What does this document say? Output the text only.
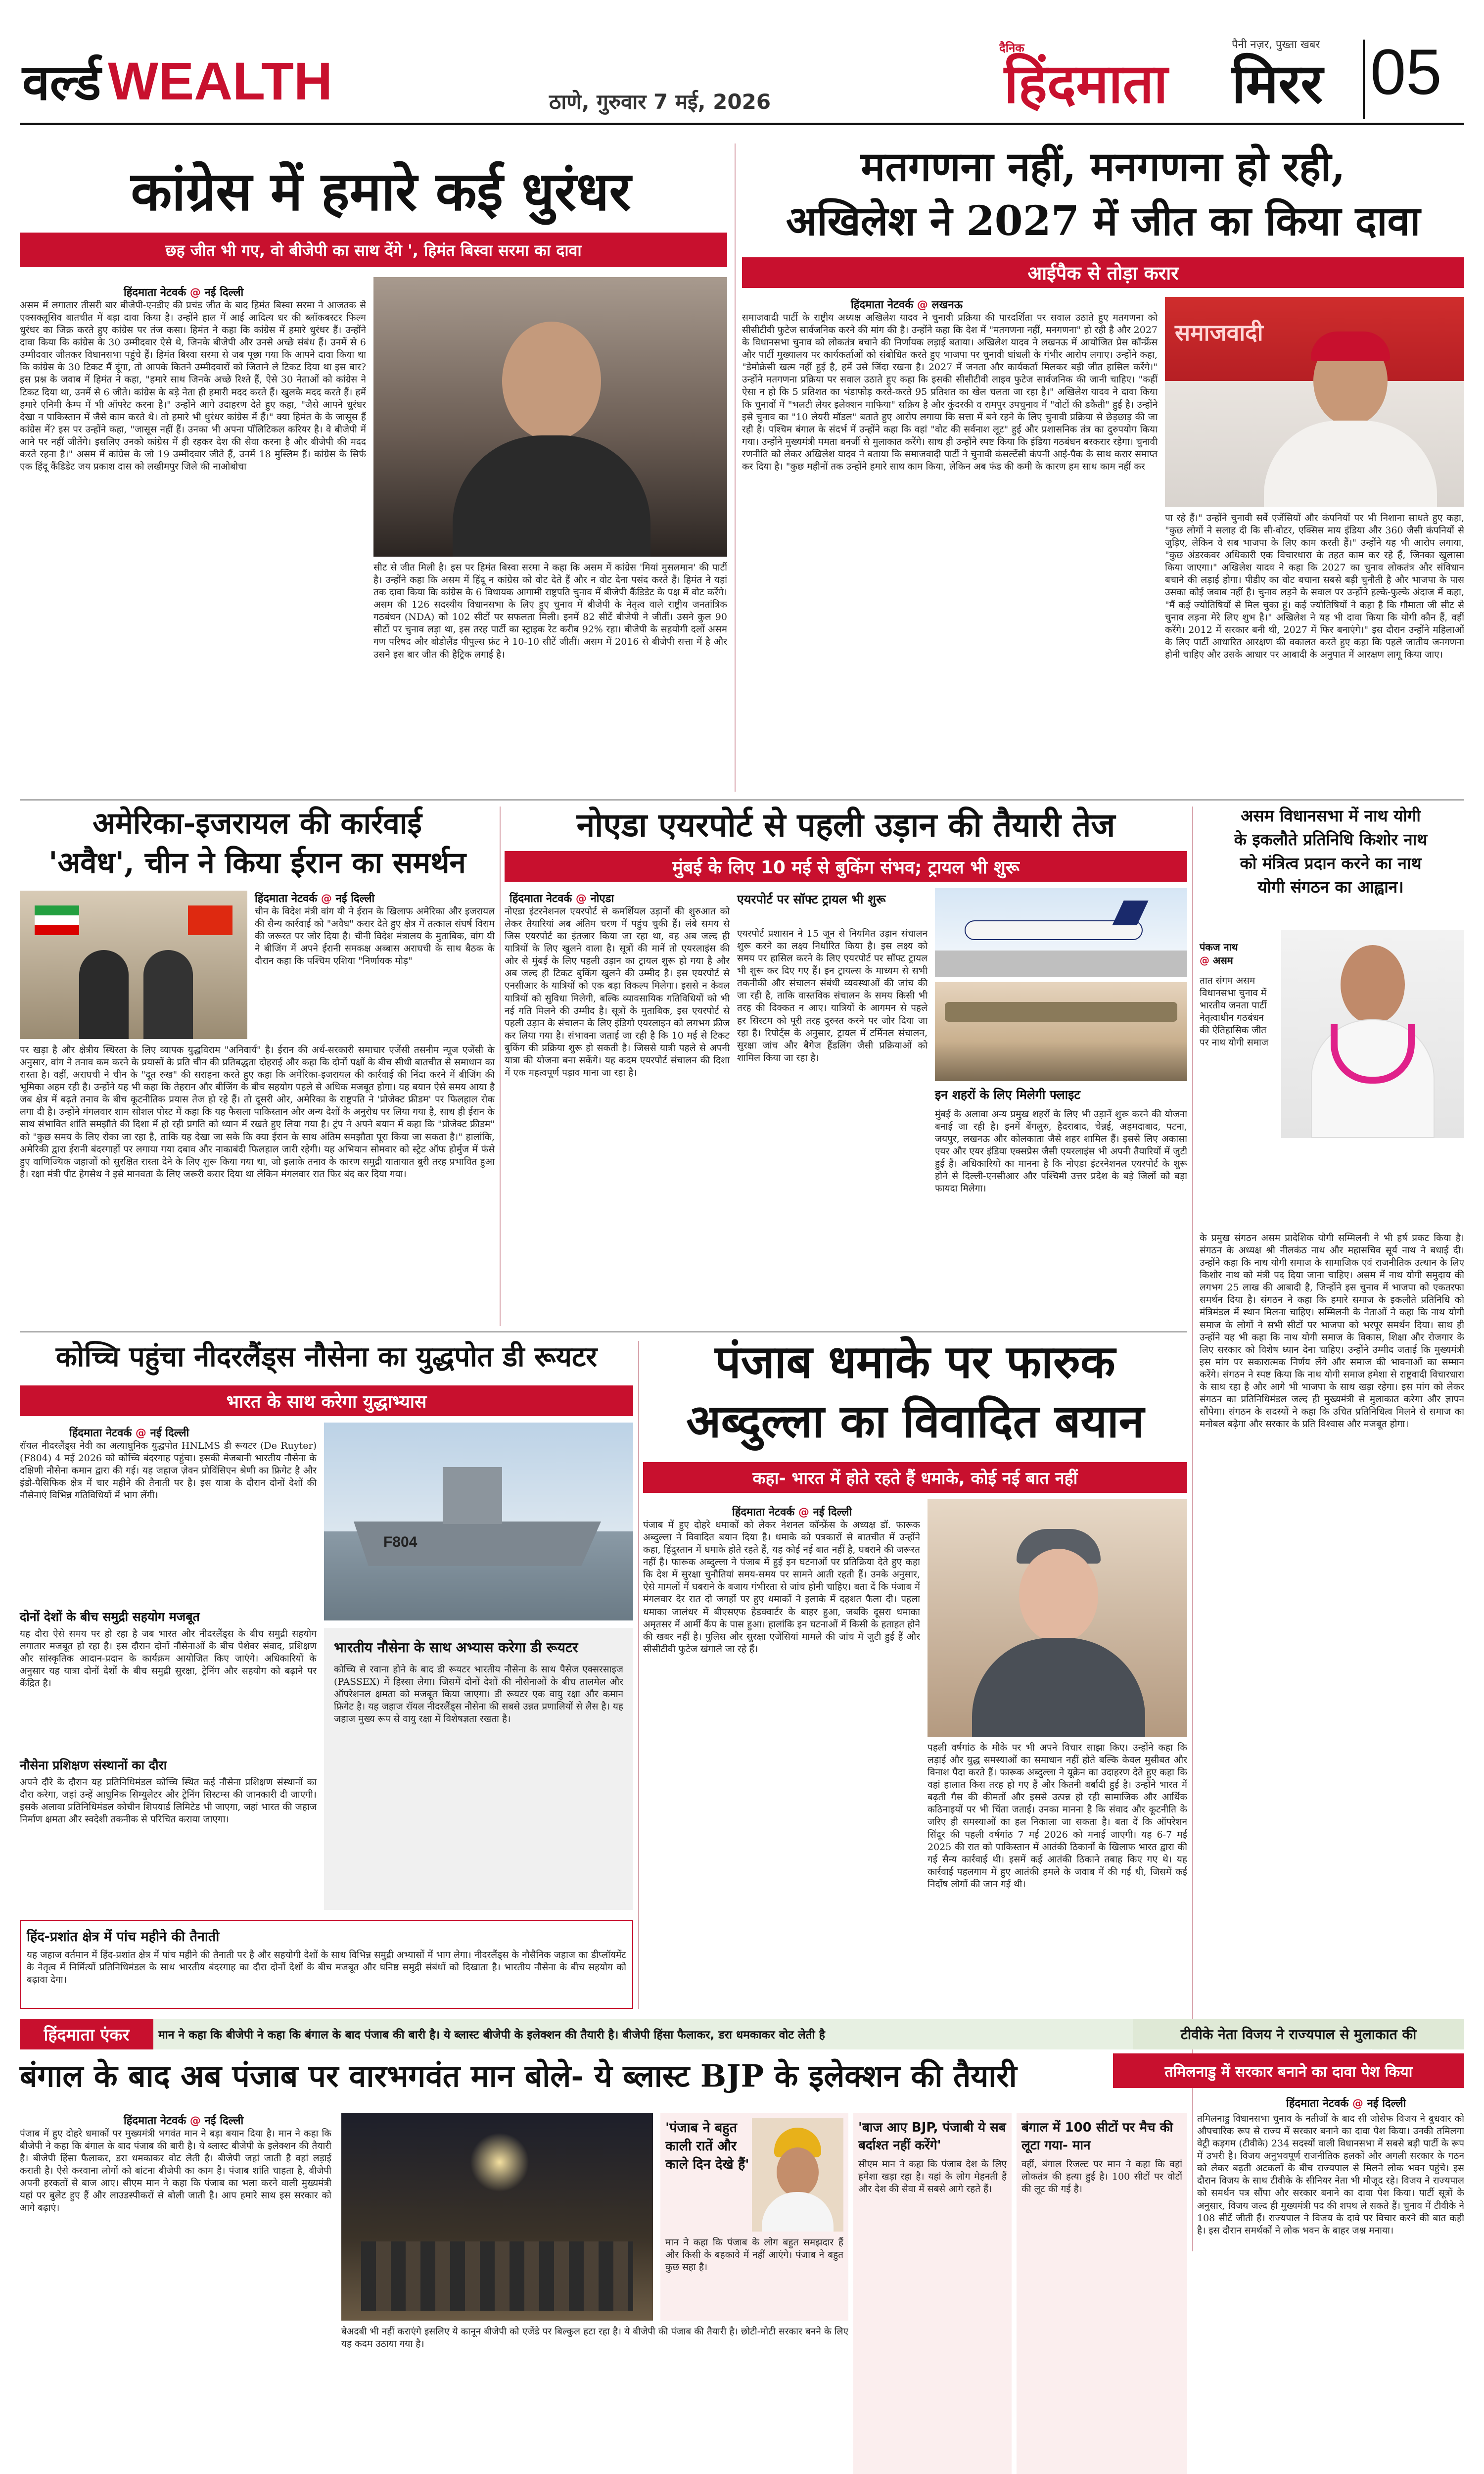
वर्ल्ड WEALTH	ठाणे, गुरुवार 7 मई, 2026
दैनिक
हिंदमाता मिरर
पैनी नज़र, पुख्ता खबर 05
कांग्रेस में हमारे कई धुरंधर
छह जीत भी गए, वो बीजेपी का साथ देंगे ', हिमंत बिस्वा सरमा का दावा
हिंदमाता नेटवर्क @ नई दिल्ली
असम में लगातार तीसरी बार बीजेपी-एनडीए की प्रचंड जीत के बाद हिमंत बिस्वा सरमा ने आजतक से एक्सक्लूसिव बातचीत में बड़ा दावा किया है। उन्होंने हाल में आई आदित्य धर की ब्लॉकबस्टर फिल्म धुरंधर का जिक्र करते हुए कांग्रेस पर तंज कसा। हिमंत ने कहा कि कांग्रेस में हमारे धुरंधर हैं। उन्होंने दावा किया कि कांग्रेस के 30 उम्मीदवार ऐसे थे, जिनके बीजेपी और उनसे अच्छे संबंध हैं। उनमें से 6 उम्मीदवार जीतकर विधानसभा पहुंचे हैं। हिमंत बिस्वा सरमा से जब पूछा गया कि आपने दावा किया था कि कांग्रेस के 30 टिकट मैं दूंगा, तो आपके कितने उम्मीदवारों को जिताने ले टिकट दिया था इस बार? इस प्रश्न के जवाब में हिमंत ने कहा, "हमारे साथ जिनके अच्छे रिश्ते हैं, ऐसे 30 नेताओं को कांग्रेस ने टिकट दिया था, उनमें से 6 जीते। कांग्रेस के बड़े नेता ही हमारी मदद करते हैं। खुलके मदद करते हैं। हमें हमारे एनिमी कैम्प में भी ऑपरेट करना है।" उन्होंने आगे उदाहरण देते हुए कहा, "जैसे आपने धुरंधर देखा न पाकिस्तान में जैसे काम करते थे। तो हमारे भी धुरंधर कांग्रेस में हैं।" क्या हिमंत के के जासूस हैं कांग्रेस में? इस पर उन्होंने कहा, "जासूस नहीं हैं। उनका भी अपना पॉलिटिकल करियर है। वे बीजेपी में आने पर नहीं जीतेंगे। इसलिए उनको कांग्रेस में ही रहकर देश की सेवा करना है और बीजेपी की मदद करते रहना है।" असम में कांग्रेस के जो 19 उम्मीदवार जीते हैं, उनमें 18 मुस्लिम हैं। कांग्रेस के सिर्फ एक हिंदू कैंडिडेट जय प्रकाश दास को लखीमपुर जिले की नाओबोचा
सीट से जीत मिली है। इस पर हिमंत बिस्वा सरमा ने कहा कि असम में कांग्रेस 'मियां मुसलमान' की पार्टी है। उन्होंने कहा कि असम में हिंदू न कांग्रेस को वोट देते हैं और न वोट देना पसंद करते हैं। हिमंत ने यहां तक दावा किया कि कांग्रेस के 6 विधायक आगामी राष्ट्रपति चुनाव में बीजेपी कैंडिडेट के पक्ष में वोट करेंगे। असम की 126 सदस्यीय विधानसभा के लिए हुए चुनाव में बीजेपी के नेतृत्व वाले राष्ट्रीय जनतांत्रिक गठबंधन (NDA) को 102 सीटों पर सफलता मिली। इनमें 82 सीटें बीजेपी ने जीतीं। उसने कुल 90 सीटों पर चुनाव लड़ा था, इस तरह पार्टी का स्ट्राइक रेट करीब 92% रहा। बीजेपी के सहयोगी दलों असम गण परिषद और बोडोलैंड पीपुल्स फ्रंट ने 10-10 सीटें जीतीं। असम में 2016 से बीजेपी सत्ता में है और उसने इस बार जीत की हैट्रिक लगाई है।
मतगणना नहीं, मनगणना हो रही,
अखिलेश ने 2027 में जीत का किया दावा
आईपैक से तोड़ा करार
हिंदमाता नेटवर्क @ लखनऊ
समाजवादी पार्टी के राष्ट्रीय अध्यक्ष अखिलेश यादव ने चुनावी प्रक्रिया की पारदर्शिता पर सवाल उठाते हुए मतगणना को सीसीटीवी फुटेज सार्वजनिक करने की मांग की है। उन्होंने कहा कि देश में "मतगणना नहीं, मनगणना" हो रही है और 2027 के विधानसभा चुनाव को लोकतंत्र बचाने की निर्णायक लड़ाई बताया। अखिलेश यादव ने लखनऊ में आयोजित प्रेस कॉन्फ्रेंस और पार्टी मुख्यालय पर कार्यकर्ताओं को संबोधित करते हुए भाजपा पर चुनावी धांधली के गंभीर आरोप लगाए। उन्होंने कहा, "डेमोक्रेसी खत्म नहीं हुई है, हमें उसे जिंदा रखना है। 2027 में जनता और कार्यकर्ता मिलकर बड़ी जीत हासिल करेंगे।" उन्होंने मतगणना प्रक्रिया पर सवाल उठाते हुए कहा कि इसकी सीसीटीवी लाइव फुटेज सार्वजनिक की जानी चाहिए। "कहीं ऐसा न हो कि 5 प्रतिशत का भंडाफोड़ करते-करते 95 प्रतिशत का खेल चलता जा रहा है।" अखिलेश यादव ने दावा किया कि चुनावों में "भलटी लेयर इलेक्शन माफिया" सक्रिय है और कुंदरकी व रामपुर उपचुनाव में "वोटों की डकैती" हुई है। उन्होंने इसे चुनाव का "10 लेयरी मॉडल" बताते हुए आरोप लगाया कि सत्ता में बने रहने के लिए चुनावी प्रक्रिया से छेड़छाड़ की जा रही है। पश्चिम बंगाल के संदर्भ में उन्होंने कहा कि वहां "वोट की सर्वनाश लूट" हुई और प्रशासनिक तंत्र का दुरुपयोग किया गया। उन्होंने मुख्यमंत्री ममता बनर्जी से मुलाकात करेंगे। साथ ही उन्होंने स्पष्ट किया कि इंडिया गठबंधन बरकरार रहेगा। चुनावी रणनीति को लेकर अखिलेश यादव ने बताया कि समाजवादी पार्टी ने चुनावी कंसल्टेंसी कंपनी आई-पैक के साथ करार समाप्त कर दिया है। "कुछ महीनों तक उन्होंने हमारे साथ काम किया, लेकिन अब फंड की कमी के कारण हम साथ काम नहीं कर
समाजवादी
पा रहे हैं।" उन्होंने चुनावी सर्वे एजेंसियों और कंपनियों पर भी निशाना साधते हुए कहा, "कुछ लोगों ने सलाह दी कि सी-वोटर, एक्सिस माय इंडिया और 360 जैसी कंपनियों से जुड़िए, लेकिन वे सब भाजपा के लिए काम करती हैं।" उन्होंने यह भी आरोप लगाया, "कुछ अंडरकवर अधिकारी एक विचारधारा के तहत काम कर रहे हैं, जिनका खुलासा किया जाएगा।" अखिलेश यादव ने कहा कि 2027 का चुनाव लोकतंत्र और संविधान बचाने की लड़ाई होगा। पीडीए का वोट बचाना सबसे बड़ी चुनौती है और भाजपा के पास उसका कोई जवाब नहीं है। चुनाव लड़ने के सवाल पर उन्होंने हल्के-फुल्के अंदाज में कहा, "मैं कई ज्योतिषियों से मिल चुका हूं। कई ज्योतिषियों ने कहा है कि गौमाता जी सीट से चुनाव लड़ना मेरे लिए शुभ है।" अखिलेश ने यह भी दावा किया कि योगी कौन हैं, वहीं करेंगे। 2012 में सरकार बनी थी, 2027 में फिर बनाएंगे।" इस दौरान उन्होंने महिलाओं के लिए पार्टी आधारित आरक्षण की वकालत करते हुए कहा कि पहले जातीय जनगणना होनी चाहिए और उसके आधार पर आबादी के अनुपात में आरक्षण लागू किया जाए।
अमेरिका-इजरायल की कार्रवाई
'अवैध', चीन ने किया ईरान का समर्थन
हिंदमाता नेटवर्क @ नई दिल्ली
चीन के विदेश मंत्री वांग यी ने ईरान के खिलाफ अमेरिका और इजरायल की सैन्य कार्रवाई को "अवैध" करार देते हुए क्षेत्र में तत्काल संघर्ष विराम की जरूरत पर जोर दिया है। चीनी विदेश मंत्रालय के मुताबिक, वांग यी ने बीजिंग में अपने ईरानी समकक्ष अब्बास अराघची के साथ बैठक के दौरान कहा कि पश्चिम एशिया "निर्णायक मोड़"
पर खड़ा है और क्षेत्रीय स्थिरता के लिए व्यापक युद्धविराम "अनिवार्य" है। ईरान की अर्ध-सरकारी समाचार एजेंसी तसनीम न्यूज एजेंसी के अनुसार, वांग ने तनाव कम करने के प्रयासों के प्रति चीन की प्रतिबद्धता दोहराई और कहा कि दोनों पक्षों के बीच सीधी बातचीत से समाधान का रास्ता है। वहीं, अराघची ने चीन के "दूत रुख" की सराहना करते हुए कहा कि अमेरिका-इजरायल की कार्रवाई की निंदा करने में बीजिंग की भूमिका अहम रही है। उन्होंने यह भी कहा कि तेहरान और बीजिंग के बीच सहयोग पहले से अधिक मजबूत होगा। यह बयान ऐसे समय आया है जब क्षेत्र में बढ़ते तनाव के बीच कूटनीतिक प्रयास तेज हो रहे हैं। तो दूसरी ओर, अमेरिका के राष्ट्रपति ने 'प्रोजेक्ट फ्रीडम' पर फिलहाल रोक लगा दी है। उन्होंने मंगलवार शाम सोशल पोस्ट में कहा कि यह फैसला पाकिस्तान और अन्य देशों के अनुरोध पर लिया गया है, साथ ही ईरान के साथ संभावित शांति समझौते की दिशा में हो रही प्रगति को ध्यान में रखते हुए लिया गया है। ट्रंप ने अपने बयान में कहा कि "प्रोजेक्ट फ्रीडम" को "कुछ समय के लिए रोका जा रहा है, ताकि यह देखा जा सके कि क्या ईरान के साथ अंतिम समझौता पूरा किया जा सकता है।" हालांकि, अमेरिकी द्वारा ईरानी बंदरगाहों पर लगाया गया दबाव और नाकाबंदी फिलहाल जारी रहेगी। यह अभियान सोमवार को स्ट्रेट ऑफ होर्मुज में फंसे हुए वाणिज्यिक जहाजों को सुरक्षित रास्ता देने के लिए शुरू किया गया था, जो इलाके तनाव के कारण समुद्री यातायात बुरी तरह प्रभावित हुआ है। रक्षा मंत्री पीट हेगसेथ ने इसे मानवता के लिए जरूरी करार दिया था लेकिन मंगलवार रात फिर बंद कर दिया गया।
नोएडा एयरपोर्ट से पहली उड़ान की तैयारी तेज
मुंबई के लिए 10 मई से बुकिंग संभव; ट्रायल भी शुरू
हिंदमाता नेटवर्क @ नोएडा
नोएडा इंटरनेशनल एयरपोर्ट से कमर्शियल उड़ानों की शुरुआत को लेकर तैयारियां अब अंतिम चरण में पहुंच चुकी हैं। लंबे समय से जिस एयरपोर्ट का इंतजार किया जा रहा था, वह अब जल्द ही यात्रियों के लिए खुलने वाला है। सूत्रों की मानें तो एयरलाइंस की ओर से मुंबई के लिए पहली उड़ान का ट्रायल शुरू हो गया है और अब जल्द ही टिकट बुकिंग खुलने की उम्मीद है। इस एयरपोर्ट से एनसीआर के यात्रियों को एक बड़ा विकल्प मिलेगा। इससे न केवल यात्रियों को सुविधा मिलेगी, बल्कि व्यावसायिक गतिविधियों को भी नई गति मिलने की उम्मीद है। सूत्रों के मुताबिक, इस एयरपोर्ट से पहली उड़ान के संचालन के लिए इंडिगो एयरलाइन को लगभग फ्रीज कर लिया गया है। संभावना जताई जा रही है कि 10 मई से टिकट बुकिंग की प्रक्रिया शुरू हो सकती है। जिससे यात्री पहले से अपनी यात्रा की योजना बना सकेंगे। यह कदम एयरपोर्ट संचालन की दिशा में एक महत्वपूर्ण पड़ाव माना जा रहा है।
एयरपोर्ट पर सॉफ्ट ट्रायल भी शुरू
एयरपोर्ट प्रशासन ने 15 जून से नियमित उड़ान संचालन शुरू करने का लक्ष्य निर्धारित किया है। इस लक्ष्य को समय पर हासिल करने के लिए एयरपोर्ट पर सॉफ्ट ट्रायल भी शुरू कर दिए गए हैं। इन ट्रायल्स के माध्यम से सभी तकनीकी और संचालन संबंधी व्यवस्थाओं की जांच की जा रही है, ताकि वास्तविक संचालन के समय किसी भी तरह की दिक्कत न आए। यात्रियों के आगमन से पहले हर सिस्टम को पूरी तरह दुरुस्त करने पर जोर दिया जा रहा है। रिपोर्ट्स के अनुसार, ट्रायल में टर्मिनल संचालन, सुरक्षा जांच और बैगेज हैंडलिंग जैसी प्रक्रियाओं को शामिल किया जा रहा है।
इन शहरों के लिए मिलेगी फ्लाइट
मुंबई के अलावा अन्य प्रमुख शहरों के लिए भी उड़ानें शुरू करने की योजना बनाई जा रही है। इनमें बेंगलुरु, हैदराबाद, चेन्नई, अहमदाबाद, पटना, जयपुर, लखनऊ और कोलकाता जैसे शहर शामिल हैं। इससे लिए अकासा एयर और एयर इंडिया एक्सप्रेस जैसी एयरलाइंस भी अपनी तैयारियों में जुटी हुई हैं। अधिकारियों का मानना है कि नोएडा इंटरनेशनल एयरपोर्ट के शुरू होने से दिल्ली-एनसीआर और पश्चिमी उत्तर प्रदेश के बड़े जिलों को बड़ा फायदा मिलेगा।
असम विधानसभा में नाथ योगी
के इकलौते प्रतिनिधि किशोर नाथ
को मंत्रित्व प्रदान करने का नाथ
योगी संगठन का आह्वान।
पंकज नाथ
@ असम
तात संगम असम विधानसभा चुनाव में भारतीय जनता पार्टी नेतृत्वाधीन गठबंधन की ऐतिहासिक जीत पर नाथ योगी समाज
के प्रमुख संगठन असम प्रादेशिक योगी सम्मिलनी ने भी हर्ष प्रकट किया है। संगठन के अध्यक्ष श्री नीलकंठ नाथ और महासचिव सूर्य नाथ ने बधाई दी। उन्होंने कहा कि नाथ योगी समाज के सामाजिक एवं राजनीतिक उत्थान के लिए किशोर नाथ को मंत्री पद दिया जाना चाहिए। असम में नाथ योगी समुदाय की लगभग 25 लाख की आबादी है, जिन्होंने इस चुनाव में भाजपा को एकतरफा समर्थन दिया है। संगठन ने कहा कि हमारे समाज के इकलौते प्रतिनिधि को मंत्रिमंडल में स्थान मिलना चाहिए। सम्मिलनी के नेताओं ने कहा कि नाथ योगी समाज के लोगों ने सभी सीटों पर भाजपा को भरपूर समर्थन दिया। साथ ही उन्होंने यह भी कहा कि नाथ योगी समाज के विकास, शिक्षा और रोजगार के लिए सरकार को विशेष ध्यान देना चाहिए। उन्होंने उम्मीद जताई कि मुख्यमंत्री इस मांग पर सकारात्मक निर्णय लेंगे और समाज की भावनाओं का सम्मान करेंगे। संगठन ने स्पष्ट किया कि नाथ योगी समाज हमेशा से राष्ट्रवादी विचारधारा के साथ रहा है और आगे भी भाजपा के साथ खड़ा रहेगा। इस मांग को लेकर संगठन का प्रतिनिधिमंडल जल्द ही मुख्यमंत्री से मुलाकात करेगा और ज्ञापन सौंपेगा। संगठन के सदस्यों ने कहा कि उचित प्रतिनिधित्व मिलने से समाज का मनोबल बढ़ेगा और सरकार के प्रति विश्वास और मजबूत होगा।
कोच्चि पहुंचा नीदरलैंड्स नौसेना का युद्धपोत डी रूयटर
भारत के साथ करेगा युद्धाभ्यास
हिंदमाता नेटवर्क @ नई दिल्ली
रॉयल नीदरलैंड्स नेवी का अत्याधुनिक युद्धपोत HNLMS डी रूयटर (De Ruyter) (F804) 4 मई 2026 को कोच्चि बंदरगाह पहुंचा। इसकी मेजबानी भारतीय नौसेना के दक्षिणी नौसेना कमान द्वारा की गई। यह जहाज ज़ेवन प्रोविंसिएन श्रेणी का फ्रिगेट है और इंडो-पैसिफिक क्षेत्र में चार महीने की तैनाती पर है। इस यात्रा के दौरान दोनों देशों की नौसेनाएं विभिन्न गतिविधियों में भाग लेंगी।
F804
दोनों देशों के बीच समुद्री सहयोग मजबूत
यह दौरा ऐसे समय पर हो रहा है जब भारत और नीदरलैंड्स के बीच समुद्री सहयोग लगातार मजबूत हो रहा है। इस दौरान दोनों नौसेनाओं के बीच पेशेवर संवाद, प्रशिक्षण और सांस्कृतिक आदान-प्रदान के कार्यक्रम आयोजित किए जाएंगे। अधिकारियों के अनुसार यह यात्रा दोनों देशों के बीच समुद्री सुरक्षा, ट्रेनिंग और सहयोग को बढ़ाने पर केंद्रित है।
नौसेना प्रशिक्षण संस्थानों का दौरा
अपने दौरे के दौरान यह प्रतिनिधिमंडल कोच्चि स्थित कई नौसेना प्रशिक्षण संस्थानों का दौरा करेगा, जहां उन्हें आधुनिक सिम्युलेटर और ट्रेनिंग सिस्टम्स की जानकारी दी जाएगी। इसके अलावा प्रतिनिधिमंडल कोचीन शिपयार्ड लिमिटेड भी जाएगा, जहां भारत की जहाज निर्माण क्षमता और स्वदेशी तकनीक से परिचित कराया जाएगा।
भारतीय नौसेना के साथ अभ्यास करेगा डी रूयटर
कोच्चि से रवाना होने के बाद डी रूयटर भारतीय नौसेना के साथ पैसेज एक्सरसाइज (PASSEX) में हिस्सा लेगा। जिसमें दोनों देशों की नौसेनाओं के बीच तालमेल और ऑपरेशनल क्षमता को मजबूत किया जाएगा। डी रूयटर एक वायु रक्षा और कमान फ्रिगेट है। यह जहाज रॉयल नीदरलैंड्स नौसेना की सबसे उन्नत प्रणालियों से लैस है। यह जहाज मुख्य रूप से वायु रक्षा में विशेषज्ञता रखता है।
हिंद-प्रशांत क्षेत्र में पांच महीने की तैनाती
यह जहाज वर्तमान में हिंद-प्रशांत क्षेत्र में पांच महीने की तैनाती पर है और सहयोगी देशों के साथ विभिन्न समुद्री अभ्यासों में भाग लेगा। नीदरलैंड्स के नौसैनिक जहाज का डीप्लॉयमेंट के नेतृत्व में निर्मित्यों प्रतिनिधिमंडल के साथ भारतीय बंदरगाह का दौरा दोनों देशों के बीच मजबूत और घनिष्ठ समुद्री संबंधों को दिखाता है। भारतीय नौसेना के बीच सहयोग को बढ़ावा देगा।
पंजाब धमाके पर फारुक
अब्दुल्ला का विवादित बयान
कहा- भारत में होते रहते हैं धमाके, कोई नई बात नहीं
हिंदमाता नेटवर्क @ नई दिल्ली
पंजाब में हुए दोहरे धमाकों को लेकर नेशनल कॉन्फ्रेंस के अध्यक्ष डॉ. फारूक अब्दुल्ला ने विवादित बयान दिया है। धमाके को पत्रकारों से बातचीत में उन्होंने कहा, हिंदुस्तान में धमाके होते रहते हैं, यह कोई नई बात नहीं है, घबराने की जरूरत नहीं है। फारूक अब्दुल्ला ने पंजाब में हुई इन घटनाओं पर प्रतिक्रिया देते हुए कहा कि देश में सुरक्षा चुनौतियां समय-समय पर सामने आती रहती हैं। उनके अनुसार, ऐसे मामलों में घबराने के बजाय गंभीरता से जांच होनी चाहिए। बता दें कि पंजाब में मंगलवार देर रात दो जगहों पर हुए धमाकों ने इलाके में दहशत फैला दी। पहला धमाका जालंधर में बीएसएफ हेडक्वार्टर के बाहर हुआ, जबकि दूसरा धमाका अमृतसर में आर्मी कैंप के पास हुआ। हालांकि इन घटनाओं में किसी के हताहत होने की खबर नहीं है। पुलिस और सुरक्षा एजेंसियां मामले की जांच में जुटी हुई हैं और सीसीटीवी फुटेज खंगाले जा रहे हैं।
पहली वर्षगांठ के मौके पर भी अपने विचार साझा किए। उन्होंने कहा कि लड़ाई और युद्ध समस्याओं का समाधान नहीं होते बल्कि केवल मुसीबत और विनाश पैदा करते हैं। फारूक अब्दुल्ला ने यूक्रेन का उदाहरण देते हुए कहा कि वहां हालात किस तरह हो गए हैं और कितनी बर्बादी हुई है। उन्होंने भारत में बढ़ती गैस की कीमतों और इससे उत्पन्न हो रही सामाजिक और आर्थिक कठिनाइयों पर भी चिंता जताई। उनका मानना है कि संवाद और कूटनीति के जरिए ही समस्याओं का हल निकाला जा सकता है। बता दें कि ऑपरेशन सिंदूर की पहली वर्षगांठ 7 मई 2026 को मनाई जाएगी। यह 6-7 मई 2025 की रात को पाकिस्तान में आतंकी ठिकानों के खिलाफ भारत द्वारा की गई सैन्य कार्रवाई थी। इसमें कई आतंकी ठिकाने तबाह किए गए थे। यह कार्रवाई पहलगाम में हुए आतंकी हमले के जवाब में की गई थी, जिसमें कई निर्दोष लोगों की जान गई थी।
हिंदमाता एंकर	मान ने कहा कि बीजेपी ने कहा कि बंगाल के बाद पंजाब की बारी है। ये ब्लास्ट बीजेपी के इलेक्शन की तैयारी है। बीजेपी हिंसा फैलाकर, डरा धमकाकर वोट लेती है	टीवीके नेता विजय ने राज्यपाल से मुलाकात की
बंगाल के बाद अब पंजाब पर वारभगवंत मान बोले- ये ब्लास्ट BJP के इलेक्शन की तैयारी
हिंदमाता नेटवर्क @ नई दिल्ली
पंजाब में हुए दोहरे धमाकों पर मुख्यमंत्री भगवंत मान ने बड़ा बयान दिया है। मान ने कहा कि बीजेपी ने कहा कि बंगाल के बाद पंजाब की बारी है। ये ब्लास्ट बीजेपी के इलेक्शन की तैयारी है। बीजेपी हिंसा फैलाकर, डरा धमकाकर वोट लेती है। बीजेपी जहां जाती है वहां लड़ाई कराती है। ऐसे करवाना लोगों को बांटना बीजेपी का काम है। पंजाब शांति चाहता है, बीजेपी अपनी हरकतों से बाज आए। सीएम मान ने कहा कि पंजाब का भला करने वाली मुख्यमंत्री यहां पर बुलेट हुए हैं और लाउडस्पीकरों से बोली जाती है। आप हमारे साथ इस सरकार को आगे बढ़ाएं।
'पंजाब ने बहुत काली रातें और काले दिन देखे हैं'
मान ने कहा कि पंजाब के लोग बहुत समझदार हैं और किसी के बहकावे में नहीं आएंगे। पंजाब ने बहुत कुछ सहा है।
'बाज आए BJP, पंजाबी ये सब बर्दाश्त नहीं करेंगे'
सीएम मान ने कहा कि पंजाब देश के लिए हमेशा खड़ा रहा है। यहां के लोग मेहनती हैं और देश की सेवा में सबसे आगे रहते हैं।
बंगाल में 100 सीटों पर मैच की लूटा गया- मान
वहीं, बंगाल रिजल्ट पर मान ने कहा कि वहां लोकतंत्र की हत्या हुई है। 100 सीटों पर वोटों की लूट की गई है।
बेअदबी भी नहीं कराएंगे इसलिए ये कानून बीजेपी को एजेंडे पर बिल्कुल हटा रहा है। ये बीजेपी की पंजाब की तैयारी है। छोटी-मोटी सरकार बनने के लिए यह कदम उठाया गया है।
तमिलनाडु में सरकार बनाने का दावा पेश किया
हिंदमाता नेटवर्क @ नई दिल्ली
तमिलनाडु विधानसभा चुनाव के नतीजों के बाद सी जोसेफ विजय ने बुधवार को औपचारिक रूप से राज्य में सरकार बनाने का दावा पेश किया। उनकी तमिलगा वेट्री कड़गम (टीवीके) 234 सदस्यों वाली विधानसभा में सबसे बड़ी पार्टी के रूप में उभरी है। विजय अनुभवपूर्ण राजनीतिक हलकों और अगली सरकार के गठन को लेकर बढ़ती अटकलों के बीच राज्यपाल से मिलने लोक भवन पहुंचे। इस दौरान विजय के साथ टीवीके के सीनियर नेता भी मौजूद रहे। विजय ने राज्यपाल को समर्थन पत्र सौंपा और सरकार बनाने का दावा पेश किया। पार्टी सूत्रों के अनुसार, विजय जल्द ही मुख्यमंत्री पद की शपथ ले सकते हैं। चुनाव में टीवीके ने 108 सीटें जीती हैं। राज्यपाल ने विजय के दावे पर विचार करने की बात कही है। इस दौरान समर्थकों ने लोक भवन के बाहर जश्न मनाया।
